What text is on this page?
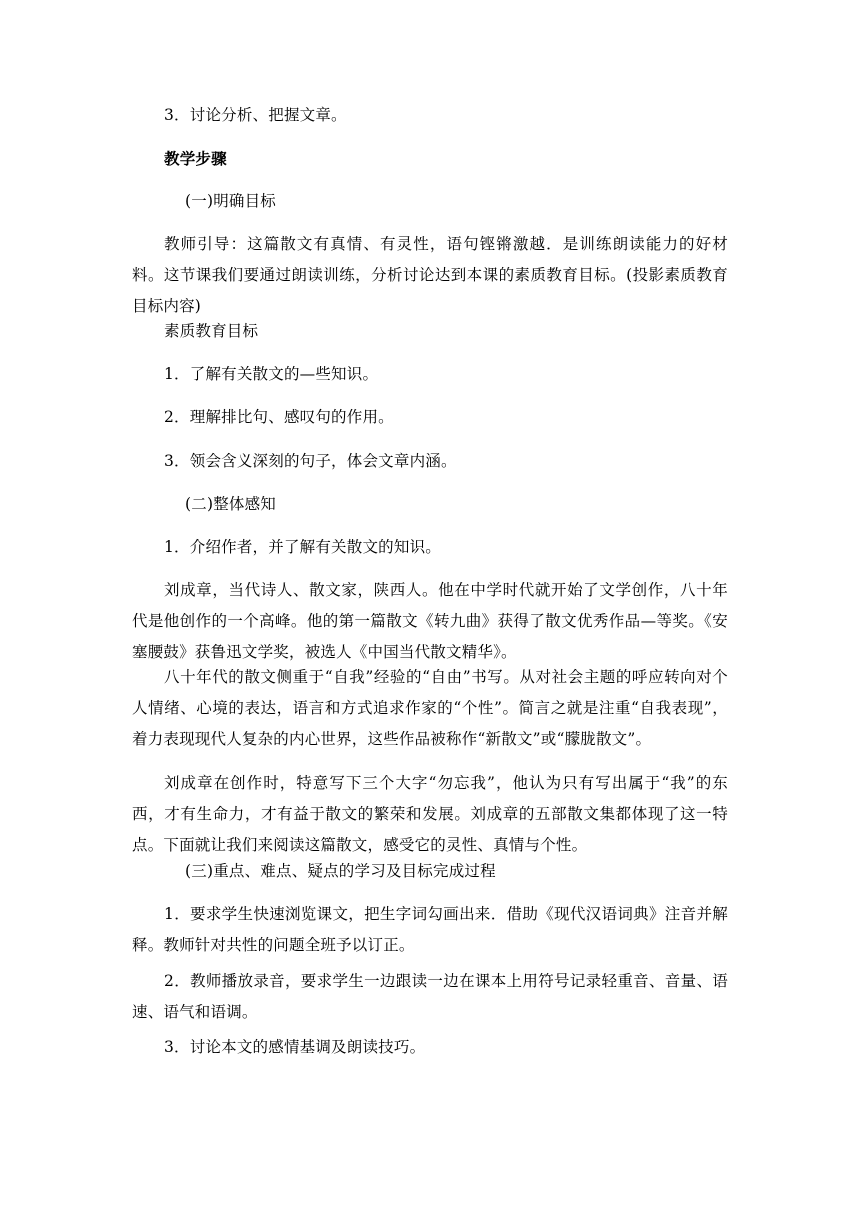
3．讨论分析、把握文章。

教学步骤

(一)明确目标

教师引导：这篇散文有真情、有灵性，语句铿锵激越．是训练朗读能力的好材料。这节课我们要通过朗读训练，分析讨论达到本课的素质教育目标。(投影素质教育目标内容)

素质教育目标

1．了解有关散文的—些知识。

2．理解排比句、感叹句的作用。

3．领会含义深刻的句子，体会文章内涵。

(二)整体感知

1．介绍作者，并了解有关散文的知识。

刘成章，当代诗人、散文家，陕西人。他在中学时代就开始了文学创作，八十年代是他创作的一个高峰。他的第一篇散文《转九曲》获得了散文优秀作品—等奖。《安塞腰鼓》获鲁迅文学奖，被选人《中国当代散文精华》。

八十年代的散文侧重于“自我”经验的“自由”书写。从对社会主题的呼应转向对个人情绪、心境的表达，语言和方式追求作家的“个性”。简言之就是注重“自我表现”，着力表现现代人复杂的内心世界，这些作品被称作“新散文”或“朦胧散文”。

刘成章在创作时，特意写下三个大字“勿忘我”，他认为只有写出属于“我”的东西，才有生命力，才有益于散文的繁荣和发展。刘成章的五部散文集都体现了这一特点。下面就让我们来阅读这篇散文，感受它的灵性、真情与个性。

(三)重点、难点、疑点的学习及目标完成过程

1．要求学生快速浏览课文，把生字词勾画出来．借助《现代汉语词典》注音并解释。教师针对共性的问题全班予以订正。

2．教师播放录音，要求学生一边跟读一边在课本上用符号记录轻重音、音量、语速、语气和语调。

3．讨论本文的感情基调及朗读技巧。
